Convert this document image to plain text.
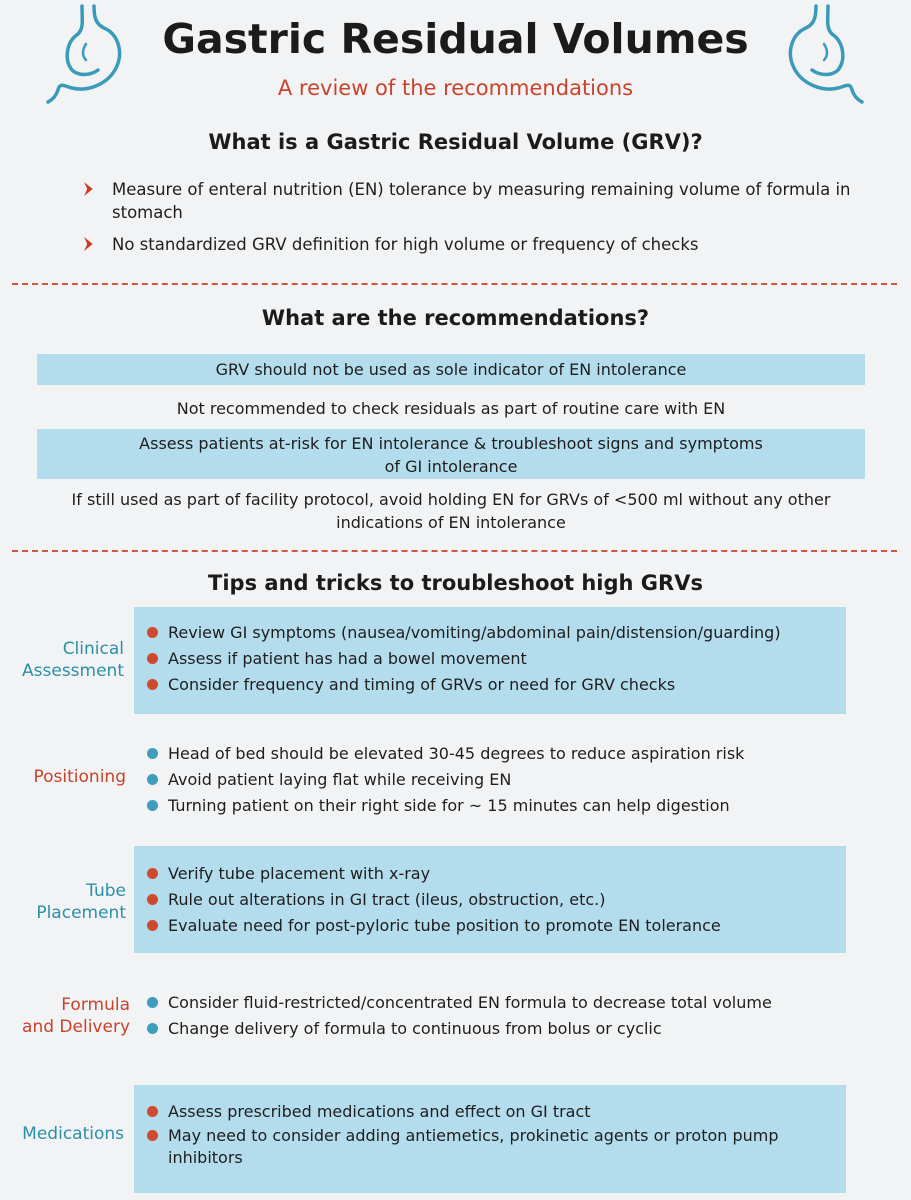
Gastric Residual Volumes
A review of the recommendations
What is a Gastric Residual Volume (GRV)?
Measure of enteral nutrition (EN) tolerance by measuring remaining volume of formula in stomach
No standardized GRV definition for high volume or frequency of checks
What are the recommendations?
GRV should not be used as sole indicator of EN intolerance
Not recommended to check residuals as part of routine care with EN
Assess patients at-risk for EN intolerance & troubleshoot signs and symptoms of GI intolerance
If still used as part of facility protocol, avoid holding EN for GRVs of <500 ml without any other indications of EN intolerance
Tips and tricks to troubleshoot high GRVs
Clinical
Assessment
Review GI symptoms (nausea/vomiting/abdominal pain/distension/guarding)
Assess if patient has had a bowel movement
Consider frequency and timing of GRVs or need for GRV checks
Positioning
Head of bed should be elevated 30-45 degrees to reduce aspiration risk
Avoid patient laying flat while receiving EN
Turning patient on their right side for ~ 15 minutes can help digestion
Tube
Placement
Verify tube placement with x-ray
Rule out alterations in GI tract (ileus, obstruction, etc.)
Evaluate need for post-pyloric tube position to promote EN tolerance
Formula
and Delivery
Consider fluid-restricted/concentrated EN formula to decrease total volume
Change delivery of formula to continuous from bolus or cyclic
Medications
Assess prescribed medications and effect on GI tract
May need to consider adding antiemetics, prokinetic agents or proton pump inhibitors
